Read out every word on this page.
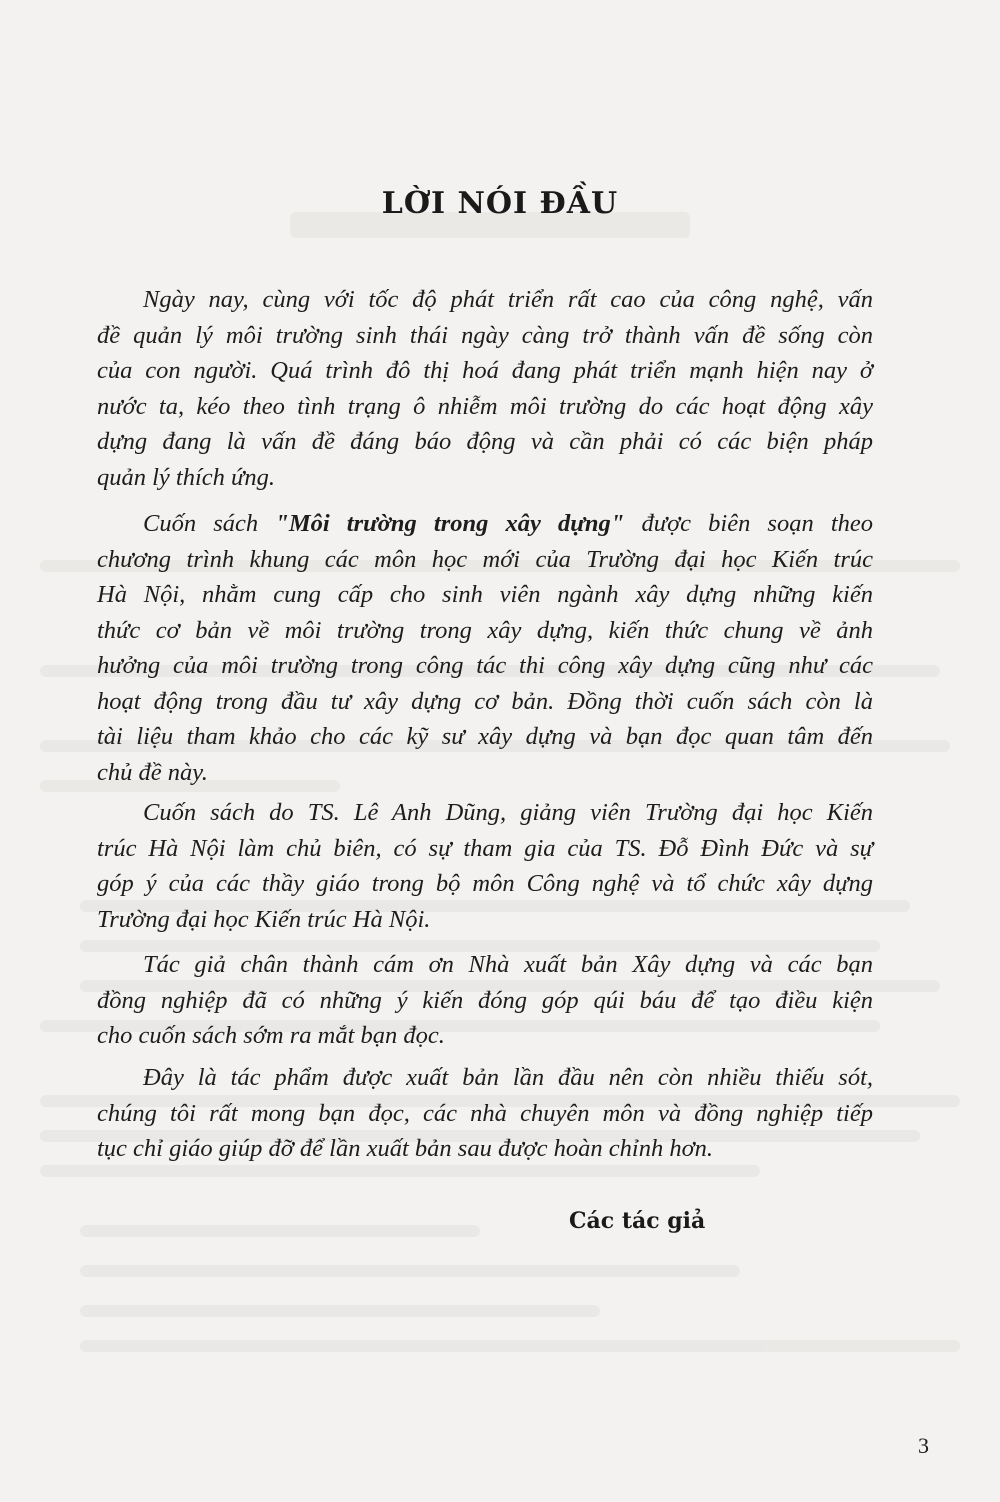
LỜI NÓI ĐẦU
Ngày nay, cùng với tốc độ phát triển rất cao của công nghệ, vấn
đề quản lý môi trường sinh thái ngày càng trở thành vấn đề sống còn
của con người. Quá trình đô thị hoá đang phát triển mạnh hiện nay ở
nước ta, kéo theo tình trạng ô nhiễm môi trường do các hoạt động xây
dựng đang là vấn đề đáng báo động và cần phải có các biện pháp
quản lý thích ứng.
Cuốn sách "Môi trường trong xây dựng" được biên soạn theo
chương trình khung các môn học mới của Trường đại học Kiến trúc
Hà Nội, nhằm cung cấp cho sinh viên ngành xây dựng những kiến
thức cơ bản về môi trường trong xây dựng, kiến thức chung về ảnh
hưởng của môi trường trong công tác thi công xây dựng cũng như các
hoạt động trong đầu tư xây dựng cơ bản. Đồng thời cuốn sách còn là
tài liệu tham khảo cho các kỹ sư xây dựng và bạn đọc quan tâm đến
chủ đề này.
Cuốn sách do TS. Lê Anh Dũng, giảng viên Trường đại học Kiến
trúc Hà Nội làm chủ biên, có sự tham gia của TS. Đỗ Đình Đức và sự
góp ý của các thầy giáo trong bộ môn Công nghệ và tổ chức xây dựng
Trường đại học Kiến trúc Hà Nội.
Tác giả chân thành cám ơn Nhà xuất bản Xây dựng và các bạn
đồng nghiệp đã có những ý kiến đóng góp qúi báu để tạo điều kiện
cho cuốn sách sớm ra mắt bạn đọc.
Đây là tác phẩm được xuất bản lần đầu nên còn nhiều thiếu sót,
chúng tôi rất mong bạn đọc, các nhà chuyên môn và đồng nghiệp tiếp
tục chỉ giáo giúp đỡ để lần xuất bản sau được hoàn chỉnh hơn.
Các tác giả
3
